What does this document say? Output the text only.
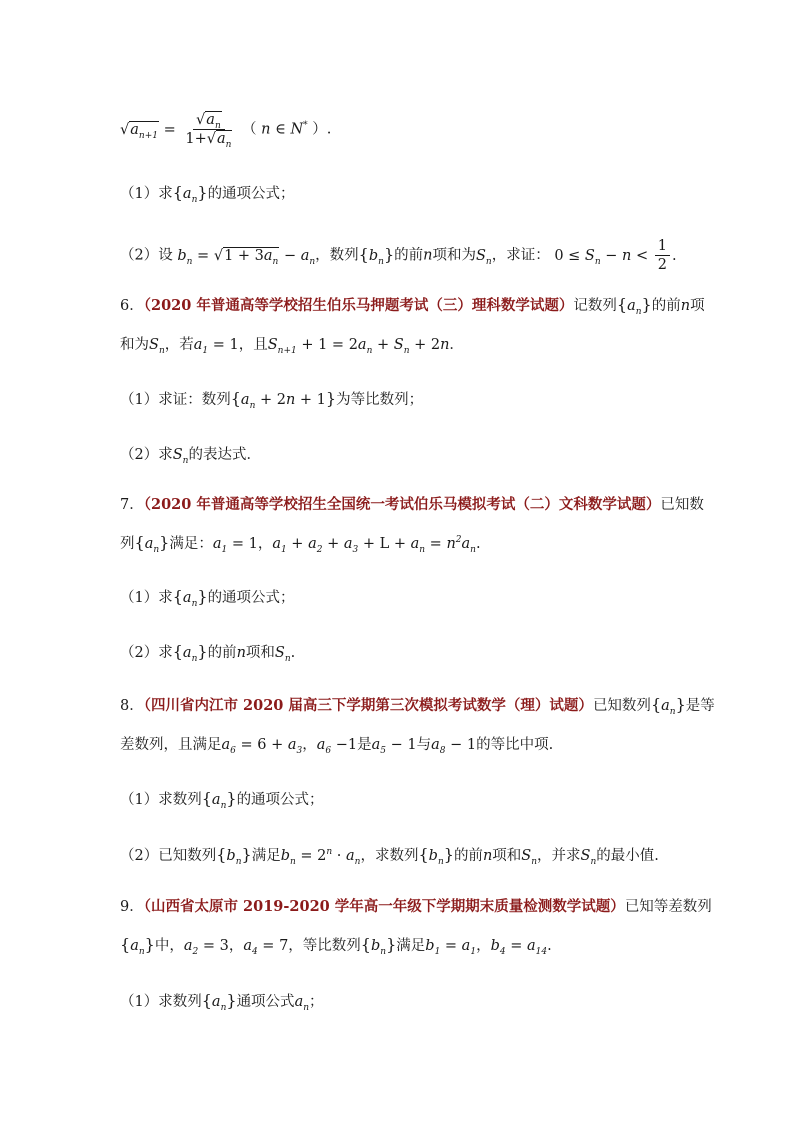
$√a_{n+1} = \frac{√a_n}{1+√a_n}$ （ n ∈ N* ）.
（1）求$\{a_n\}$的通项公式；
（2）设 $b_n = √1 + 3a_n - a_n$，数列$\{b_n\}$的前n项和为$S_n$，求证： $0 \le S_n - n < \frac{1}{2}$ .
6．（2020 年普通高等学校招生伯乐马押题考试（三）理科数学试题）记数列$\{a_n\}$的前n项
和为$S_n$，若$a_1 = 1$，且$S_{n+1} + 1 = 2a_n + S_n + 2n$．
（1）求证：数列$\{a_n + 2n + 1\}$为等比数列；
（2）求$S_n$的表达式．
7．（2020 年普通高等学校招生全国统一考试伯乐马模拟考试（二）文科数学试题）已知数
列$\{a_n\}$满足：$a_1 = 1$，$a_1 + a_2 + a_3 + L + a_n = n^2a_n$.
（1）求$\{a_n\}$的通项公式；
（2）求$\{a_n\}$的前n项和$S_n$.
8．（四川省内江市 2020 届高三下学期第三次模拟考试数学（理）试题）已知数列$\{a_n\}$是等
差数列，且满足$a_6 = 6 + a_3$，$a_6 -1$是$a_5 - 1$与$a_8 - 1$的等比中项.
（1）求数列$\{a_n\}$的通项公式；
（2）已知数列$\{b_n\}$满足$b_n = 2^n \cdot a_n$，求数列$\{b_n\}$的前n项和$S_n$，并求$S_n$的最小值.
9．（山西省太原市 2019-2020 学年高一年级下学期期末质量检测数学试题）已知等差数列
$\{a_n\}$中，$a_2 = 3$，$a_4 = 7$，等比数列$\{b_n\}$满足$b_1 = a_1$，$b_4 = a_{14}$.
（1）求数列$\{a_n\}$通项公式$a_n$；
